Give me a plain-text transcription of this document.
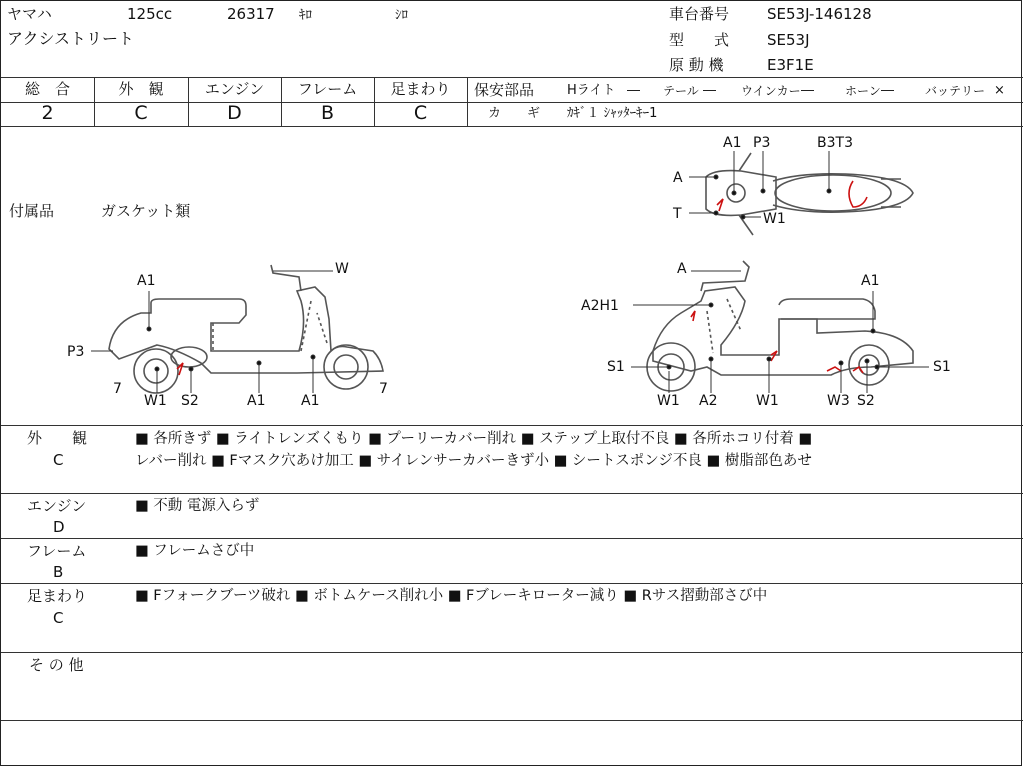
ヤマハ	125cc	26317 ｷﾛ	ｼﾛ
アクシストリート
車台番号	SE53J-146128
型　　式	SE53J
原 動 機	E3F1E
総　合
2
外　観
C
エンジン
D
フレーム
B
足まわり
C
保安部品	Hライト ― テール ― ウインカー ―	ホーン ―	バッテリー ×
カ　　ギ ｶｷﾞ１ ｼｬｯﾀｰｷｰ1
付属品	ガスケット類
A1 P3	B3T3
A
T	W1
W
A1
P3
7	7
W1 S2	A1	A1
A
A1
A2H1
S1	S1
W1 A2	W1	W3 S2
外　　観
C
■ 各所きず ■ ライトレンズくもり ■ プーリーカバー削れ ■ ステップ上取付不良 ■ 各所ホコリ付着 ■
レバー削れ ■ Fマスク穴あけ加工 ■ サイレンサーカバーきず小 ■ シートスポンジ不良 ■ 樹脂部色あせ
エンジン
D
■ 不動 電源入らず
フレーム
B
■ フレームさび中
足まわり
C
■ Fフォークブーツ破れ ■ ボトムケース削れ小 ■ Fブレーキローター減り ■ Rサス摺動部さび中
そ の 他
